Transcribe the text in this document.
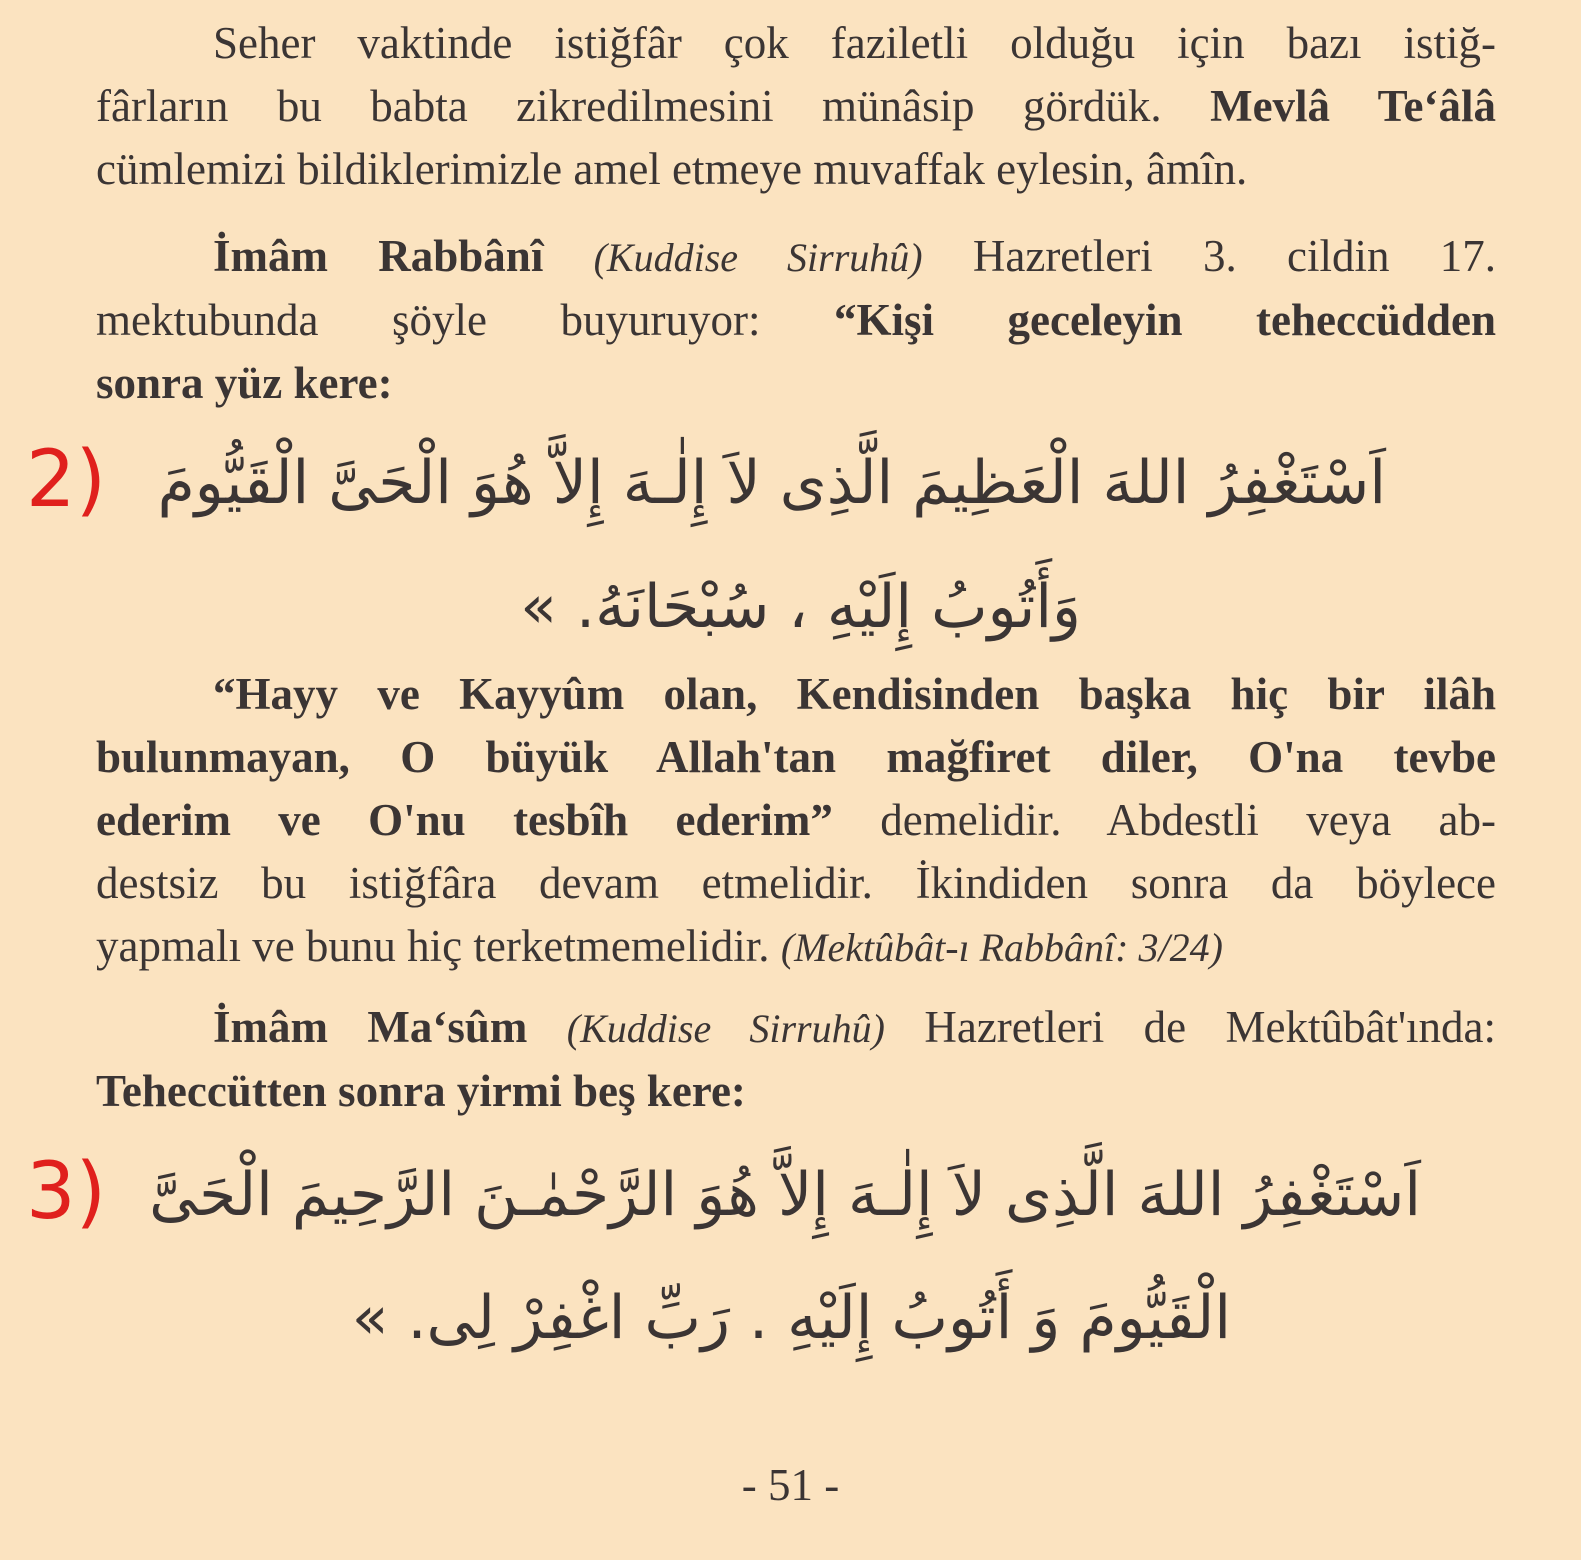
Seher vaktinde istiğfâr çok faziletli olduğu için bazı istiğ-
fârların bu babta zikredilmesini münâsip gördük. Mevlâ Te‘âlâ
cümlemizi bildiklerimizle amel etmeye muvaffak eylesin, âmîn.
İmâm Rabbânî (Kuddise Sirruhû) Hazretleri 3. cildin 17.
mektubunda şöyle buyuruyor: “Kişi geceleyin teheccüdden
sonra yüz kere:
2) اَسْتَغْفِرُ اللهَ الْعَظِيمَ الَّذِى لاَ إِلٰـهَ إِلاَّ هُوَ الْحَىَّ الْقَيُّومَ
وَأَتُوبُ إِلَيْهِ ، سُبْحَانَهُ. »
“Hayy ve Kayyûm olan, Kendisinden başka hiç bir ilâh
bulunmayan, O büyük Allah'tan mağfiret diler, O'na tevbe
ederim ve O'nu tesbîh ederim” demelidir. Abdestli veya ab-
destsiz bu istiğfâra devam etmelidir. İkindiden sonra da böylece
yapmalı ve bunu hiç terketmemelidir. (Mektûbât-ı Rabbânî: 3/24)
İmâm Ma‘sûm (Kuddise Sirruhû) Hazretleri de Mektûbât'ında:
Teheccütten sonra yirmi beş kere:
3) اَسْتَغْفِرُ اللهَ الَّذِى لاَ إِلٰـهَ إِلاَّ هُوَ الرَّحْمٰـنَ الرَّحِيمَ الْحَىَّ
الْقَيُّومَ وَ أَتُوبُ إِلَيْهِ . رَبِّ اغْفِرْ لِى. »
- 51 -
